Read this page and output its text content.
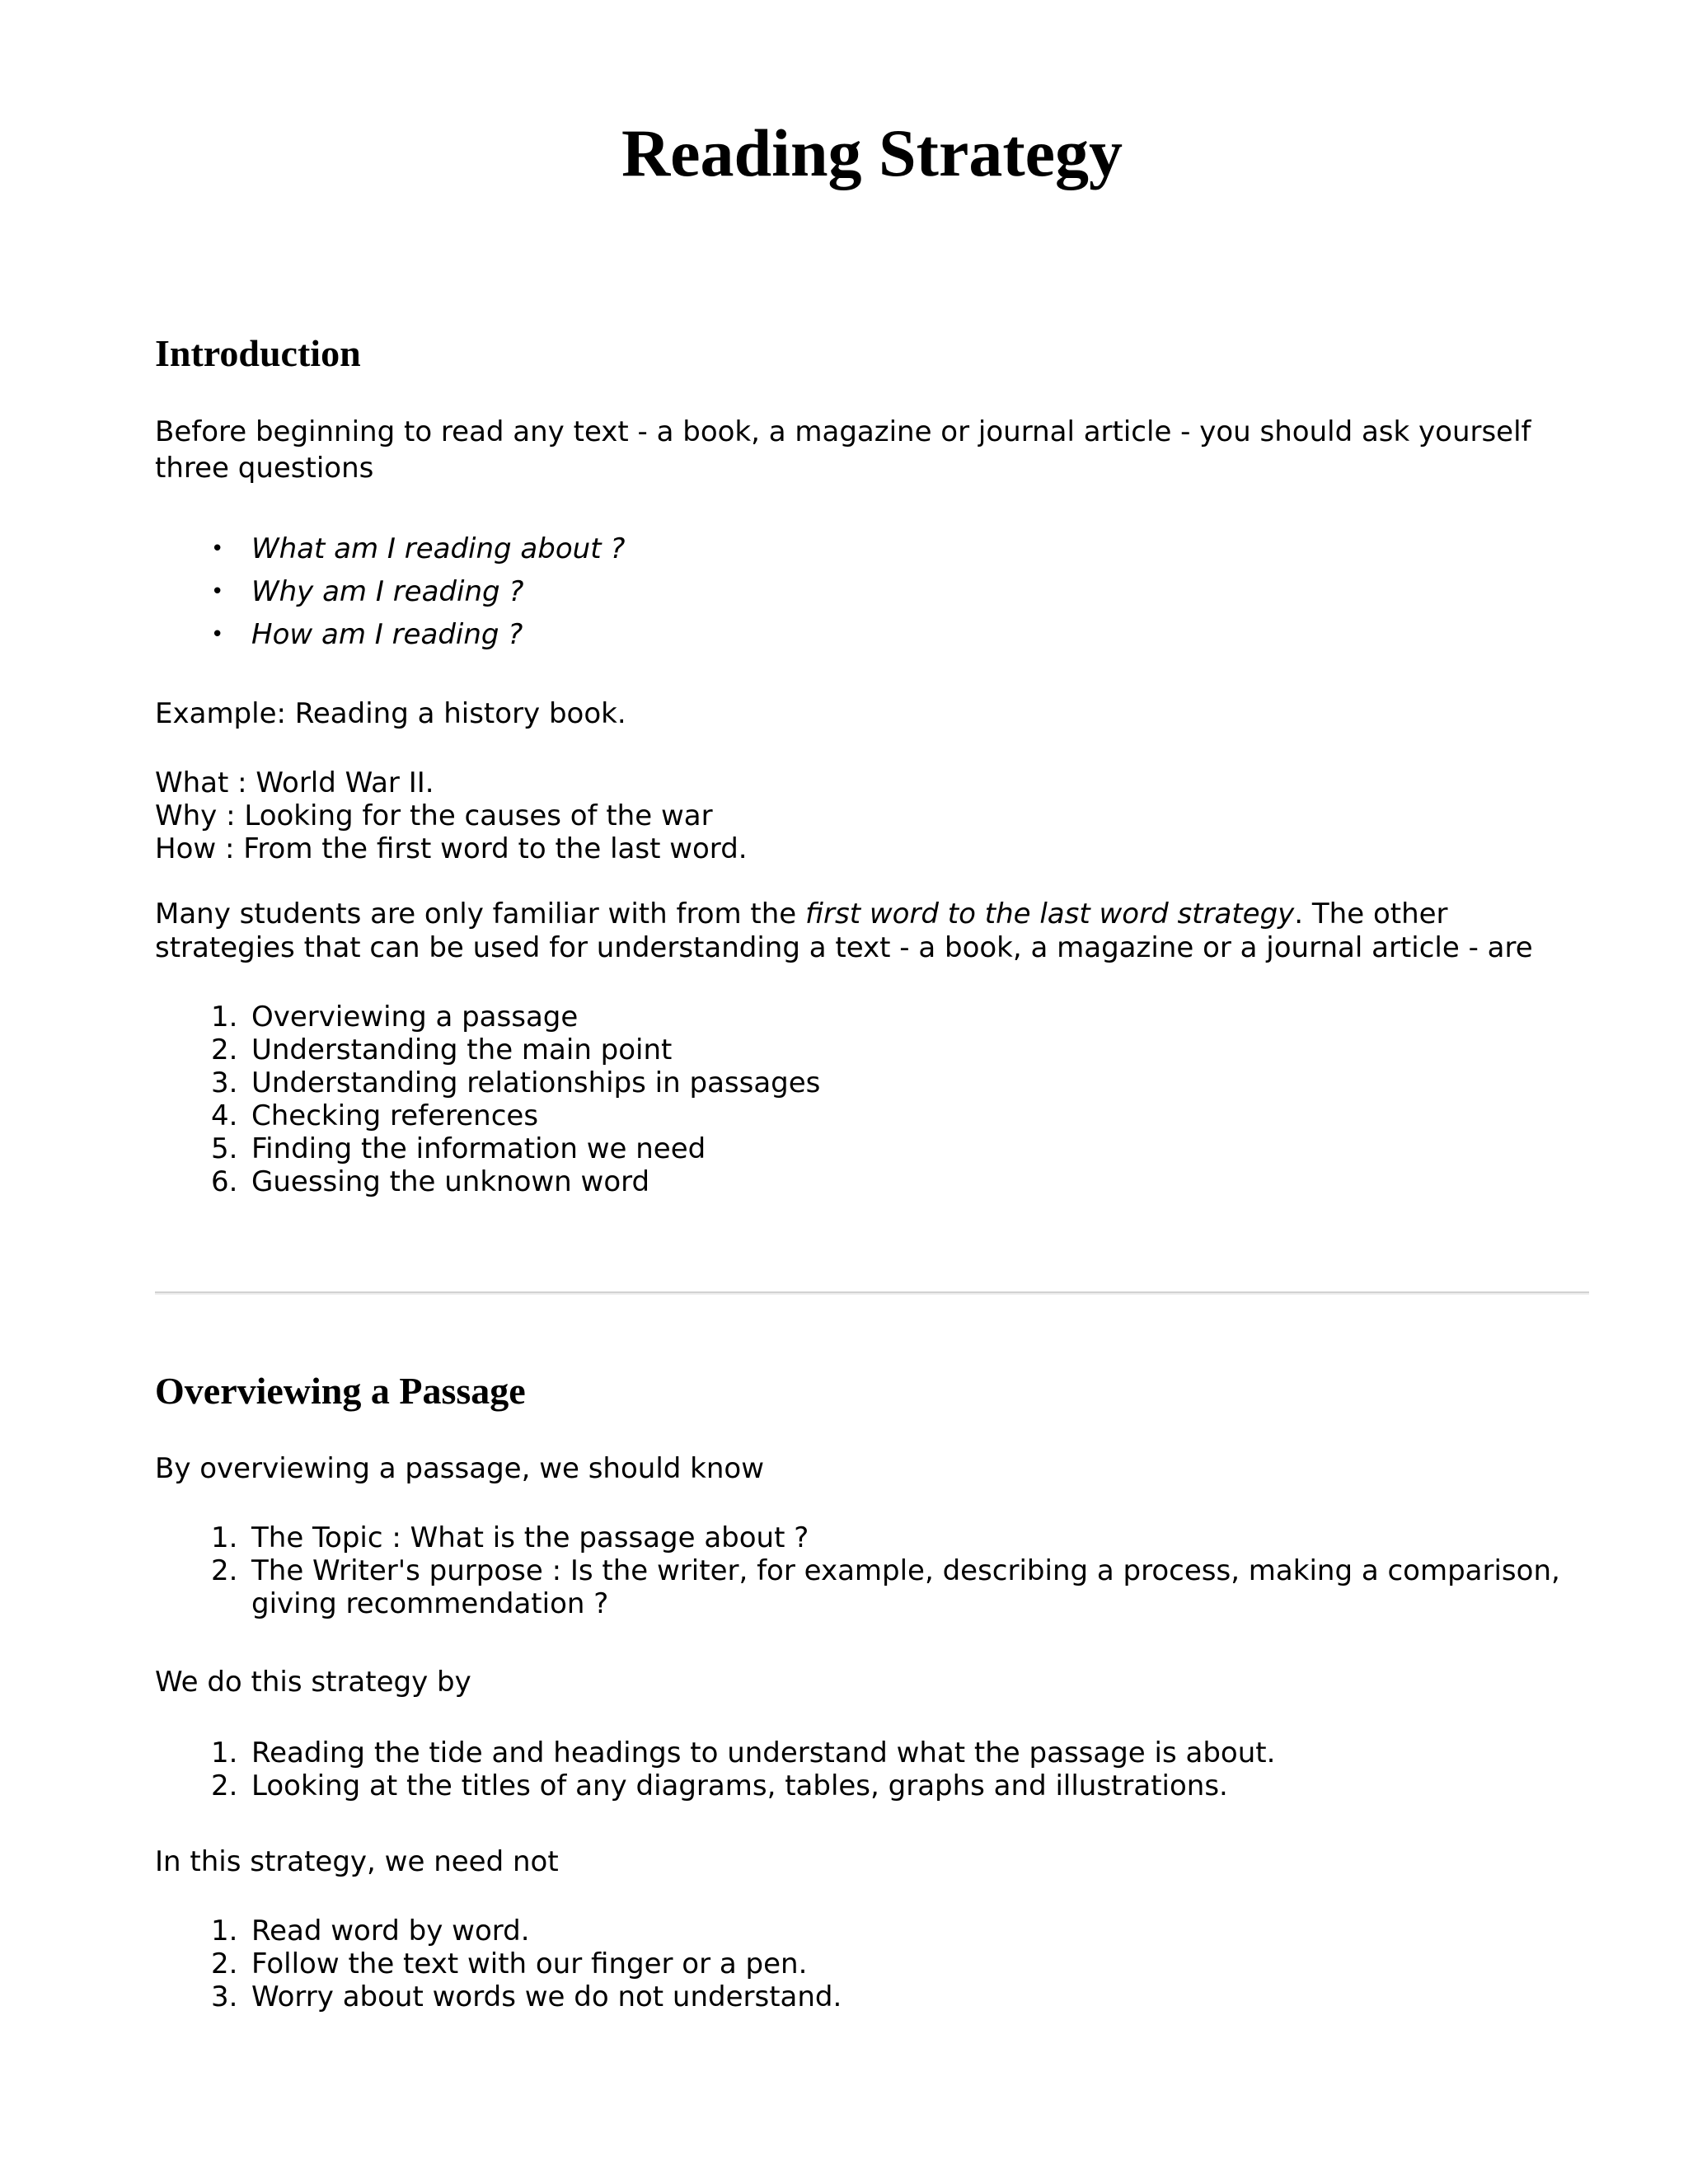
Reading Strategy
Introduction

Before beginning to read any text - a book, a magazine or journal article - you should ask yourself three questions

• What am I reading about ?
• Why am I reading ?
• How am I reading ?

Example: Reading a history book.

What : World War II.
Why : Looking for the causes of the war
How : From the first word to the last word.

Many students are only familiar with from the first word to the last word strategy. The other strategies that can be used for understanding a text - a book, a magazine or a journal article - are

1. Overviewing a passage
2. Understanding the main point
3. Understanding relationships in passages
4. Checking references
5. Finding the information we need
6. Guessing the unknown word
Overviewing a Passage

By overviewing a passage, we should know

1. The Topic : What is the passage about ?
2. The Writer's purpose : Is the writer, for example, describing a process, making a comparison, giving recommendation ?

We do this strategy by

1. Reading the tide and headings to understand what the passage is about.
2. Looking at the titles of any diagrams, tables, graphs and illustrations.

In this strategy, we need not

1. Read word by word.
2. Follow the text with our finger or a pen.
3. Worry about words we do not understand.
